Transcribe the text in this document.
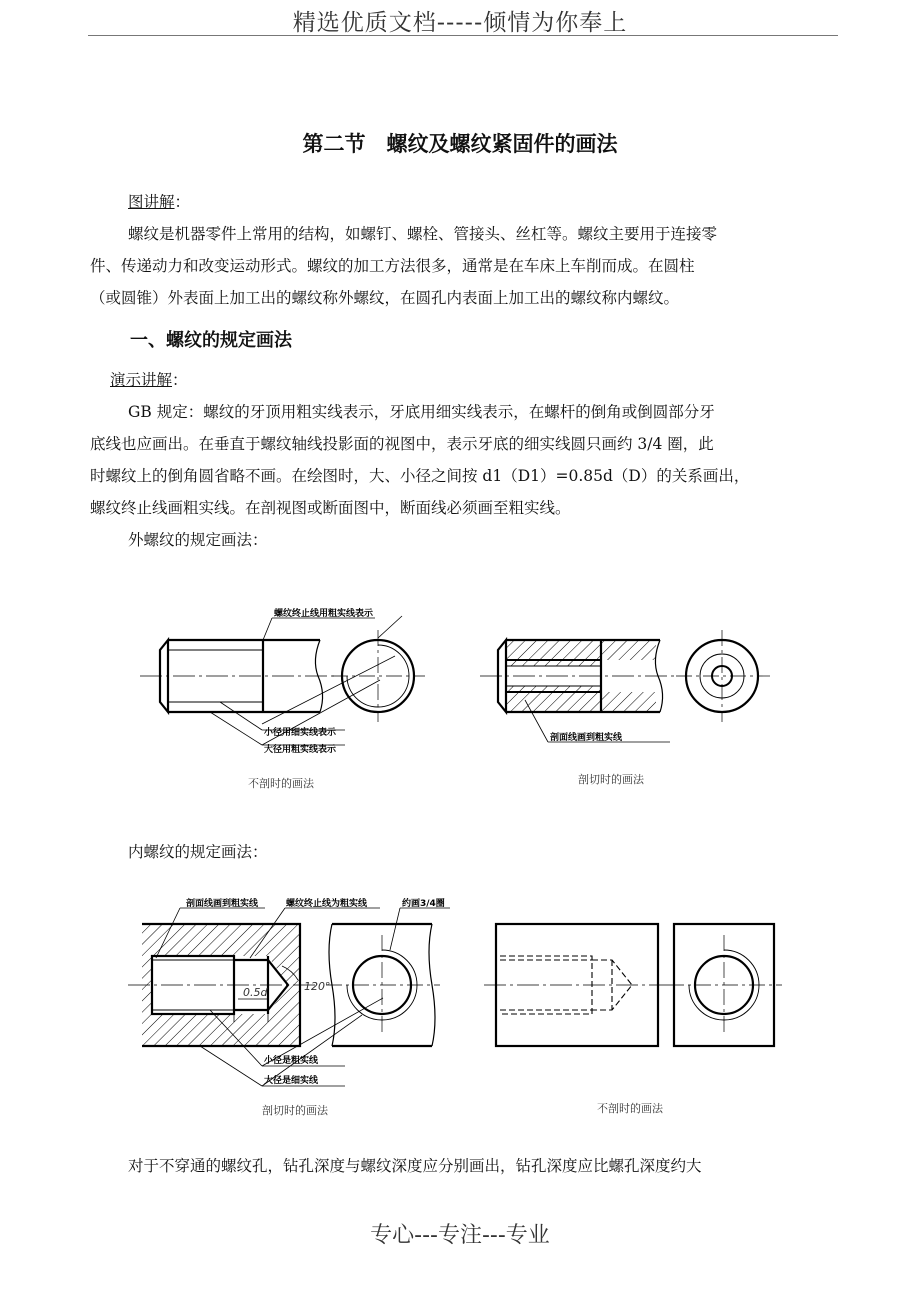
精选优质文档-----倾情为你奉上
第二节　螺纹及螺纹紧固件的画法
图讲解：
螺纹是机器零件上常用的结构，如螺钉、螺栓、管接头、丝杠等。螺纹主要用于连接零
件、传递动力和改变运动形式。螺纹的加工方法很多，通常是在车床上车削而成。在圆柱
（或圆锥）外表面上加工出的螺纹称外螺纹，在圆孔内表面上加工出的螺纹称内螺纹。
一、螺纹的规定画法
演示讲解：
GB 规定：螺纹的牙顶用粗实线表示，牙底用细实线表示，在螺杆的倒角或倒圆部分牙
底线也应画出。在垂直于螺纹轴线投影面的视图中，表示牙底的细实线圆只画约 3/4 圈，此
时螺纹上的倒角圆省略不画。在绘图时，大、小径之间按 d1（D1）=0.85d（D）的关系画出，
螺纹终止线画粗实线。在剖视图或断面图中，断面线必须画至粗实线。
外螺纹的规定画法：
螺纹终止线用粗实线表示
小径用细实线表示
大径用粗实线表示
不剖时的画法
剖面线画到粗实线
剖切时的画法
内螺纹的规定画法：
0.5d	120°
剖面线画到粗实线	螺纹终止线为粗实线	约画3/4圈
小径是粗实线
大径是细实线
剖切时的画法	不剖时的画法
对于不穿通的螺纹孔，钻孔深度与螺纹深度应分别画出，钻孔深度应比螺孔深度约大
专心---专注---专业
